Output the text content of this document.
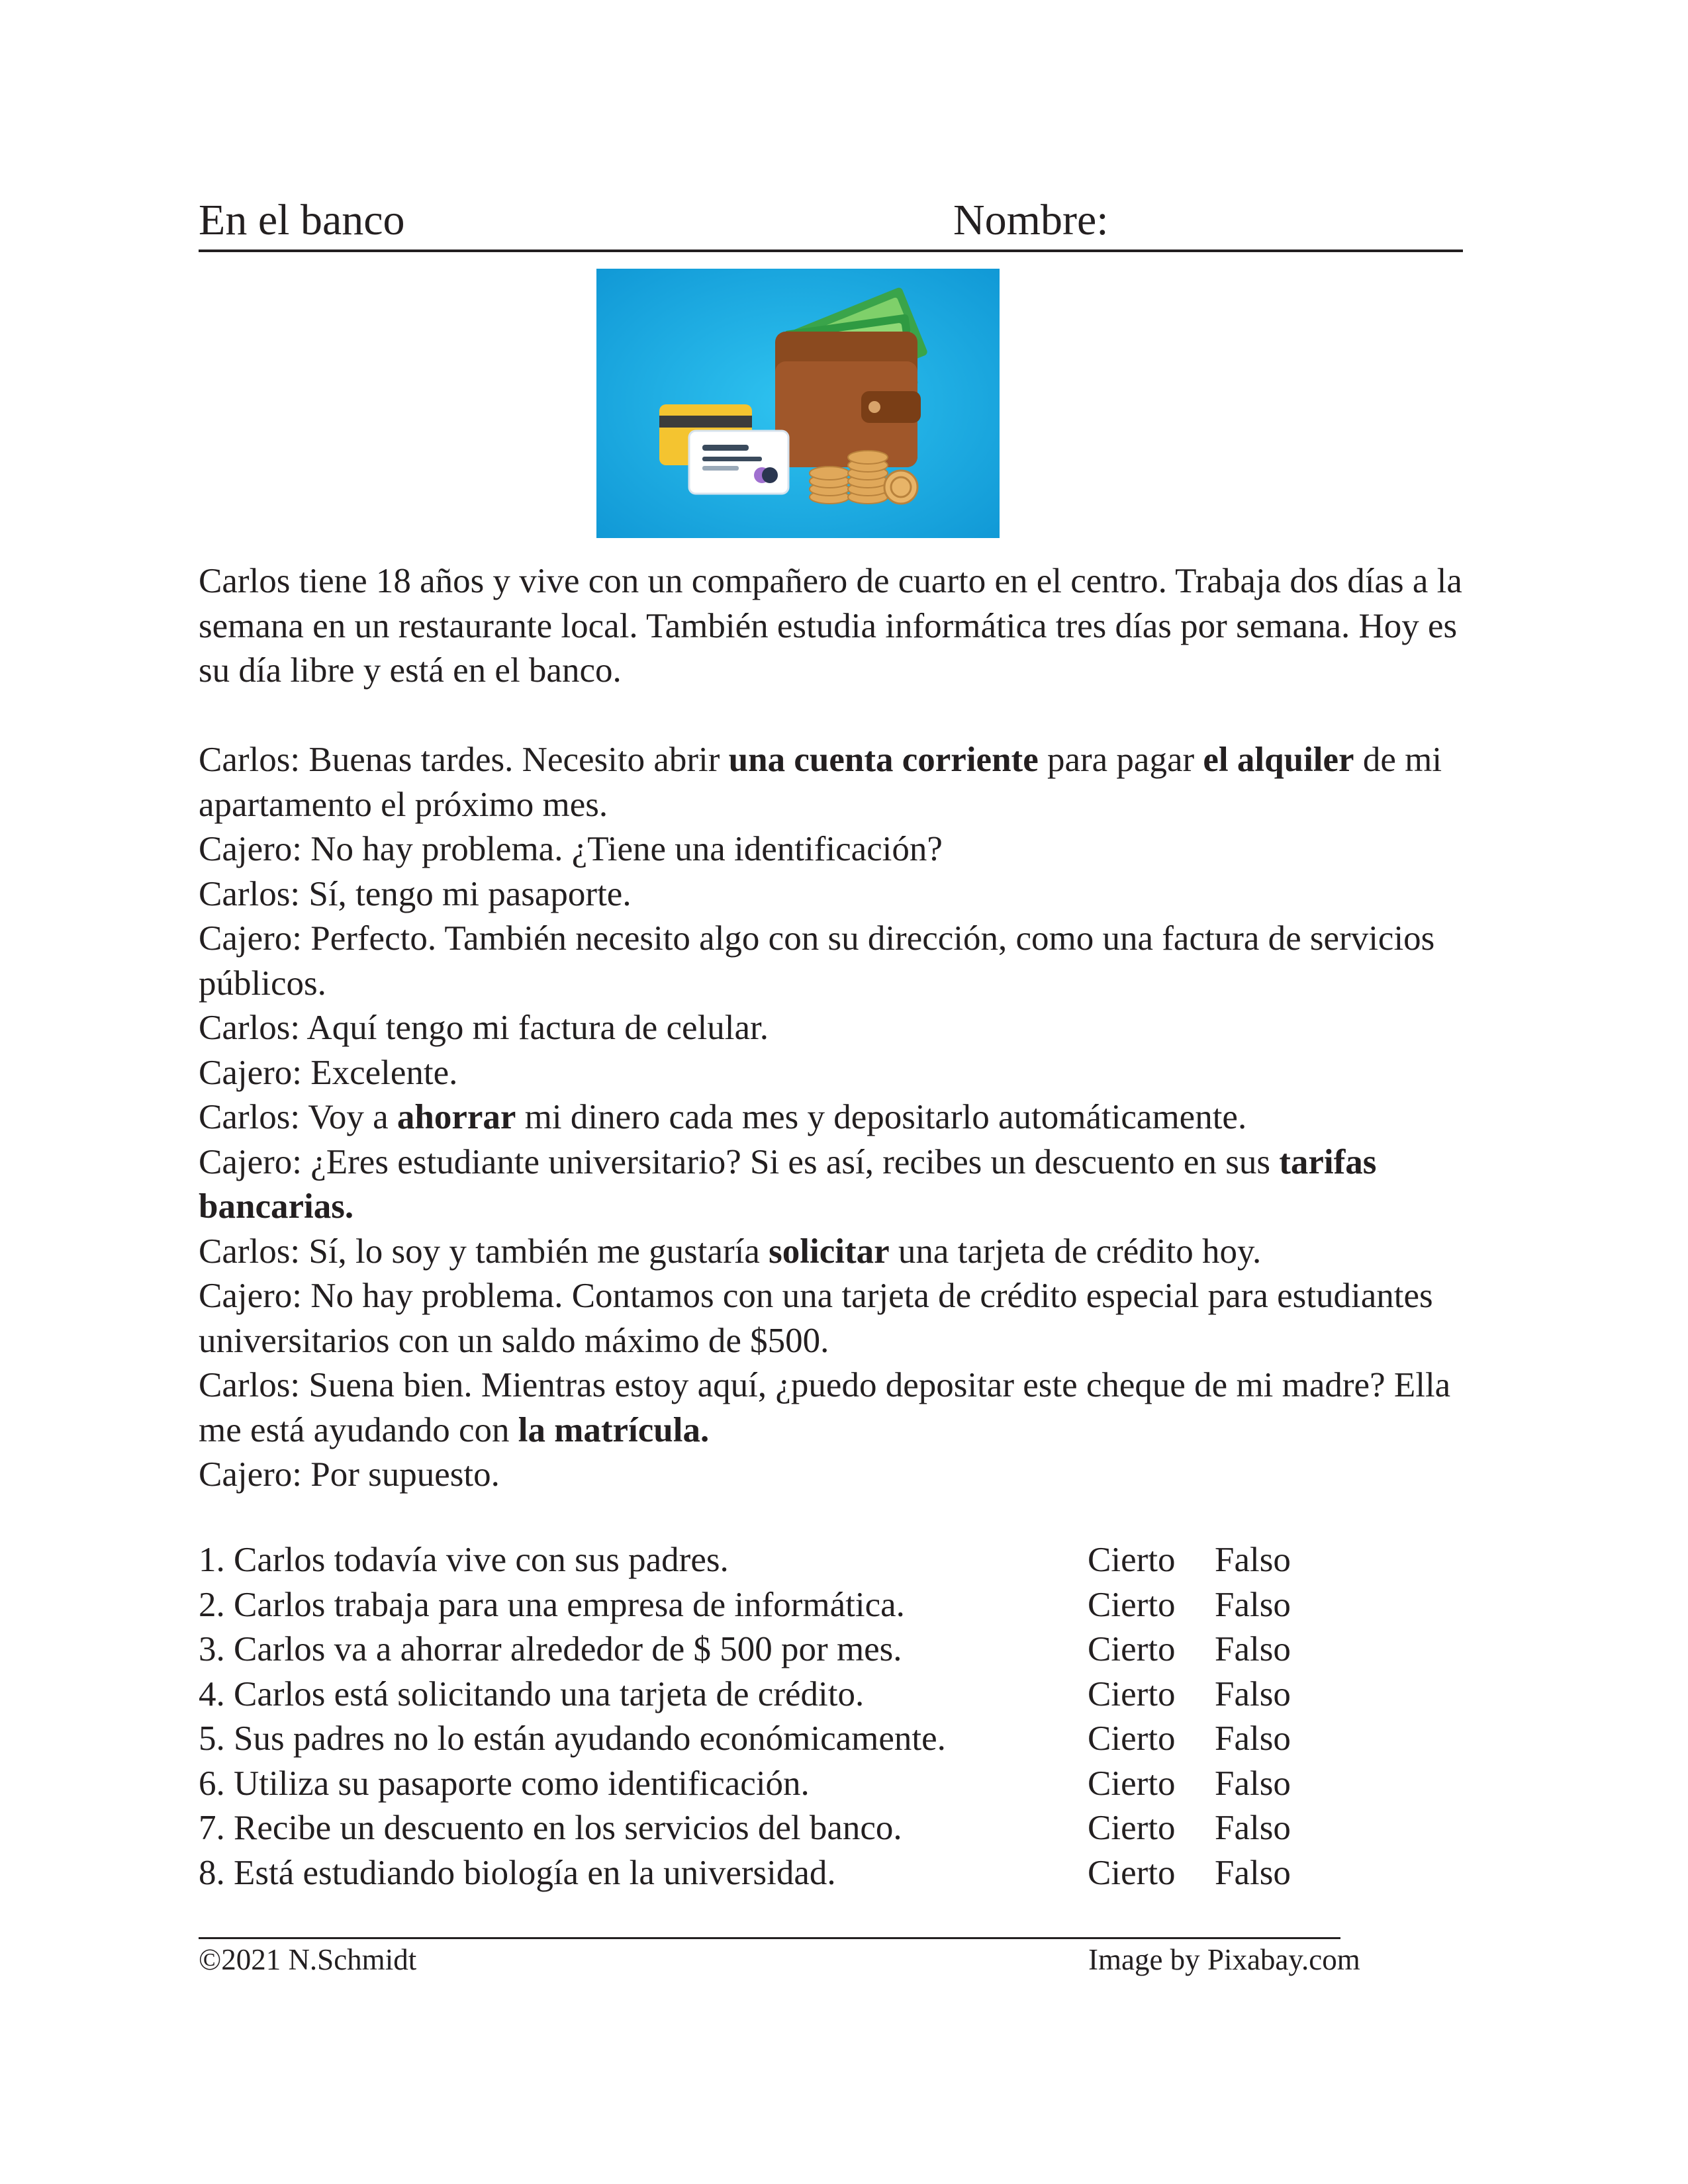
En el banco	Nombre:

Carlos tiene 18 años y vive con un compañero de cuarto en el centro. Trabaja dos días a la semana en un restaurante local. También estudia informática tres días por semana. Hoy es su día libre y está en el banco.

Carlos: Buenas tardes. Necesito abrir una cuenta corriente para pagar el alquiler de mi apartamento el próximo mes.

Cajero: No hay problema. ¿Tiene una identificación?

Carlos: Sí, tengo mi pasaporte.

Cajero: Perfecto. También necesito algo con su dirección, como una factura de servicios públicos.

Carlos: Aquí tengo mi factura de celular.

Cajero: Excelente.

Carlos: Voy a ahorrar mi dinero cada mes y depositarlo automáticamente.

Cajero: ¿Eres estudiante universitario? Si es así, recibes un descuento en sus tarifas bancarias.

Carlos: Sí, lo soy y también me gustaría solicitar una tarjeta de crédito hoy.

Cajero: No hay problema. Contamos con una tarjeta de crédito especial para estudiantes universitarios con un saldo máximo de $500.

Carlos: Suena bien. Mientras estoy aquí, ¿puedo depositar este cheque de mi madre? Ella me está ayudando con la matrícula.

Cajero: Por supuesto.

1. Carlos todavía vive con sus padres.	Cierto Falso
2. Carlos trabaja para una empresa de informática.	Cierto Falso
3. Carlos va a ahorrar alrededor de $ 500 por mes.	Cierto Falso
4. Carlos está solicitando una tarjeta de crédito.	Cierto Falso
5. Sus padres no lo están ayudando económicamente.	Cierto Falso
6. Utiliza su pasaporte como identificación.	Cierto Falso
7. Recibe un descuento en los servicios del banco.	Cierto Falso
8. Está estudiando biología en la universidad.	Cierto Falso
©2021 N.Schmidt	Image by Pixabay.com
